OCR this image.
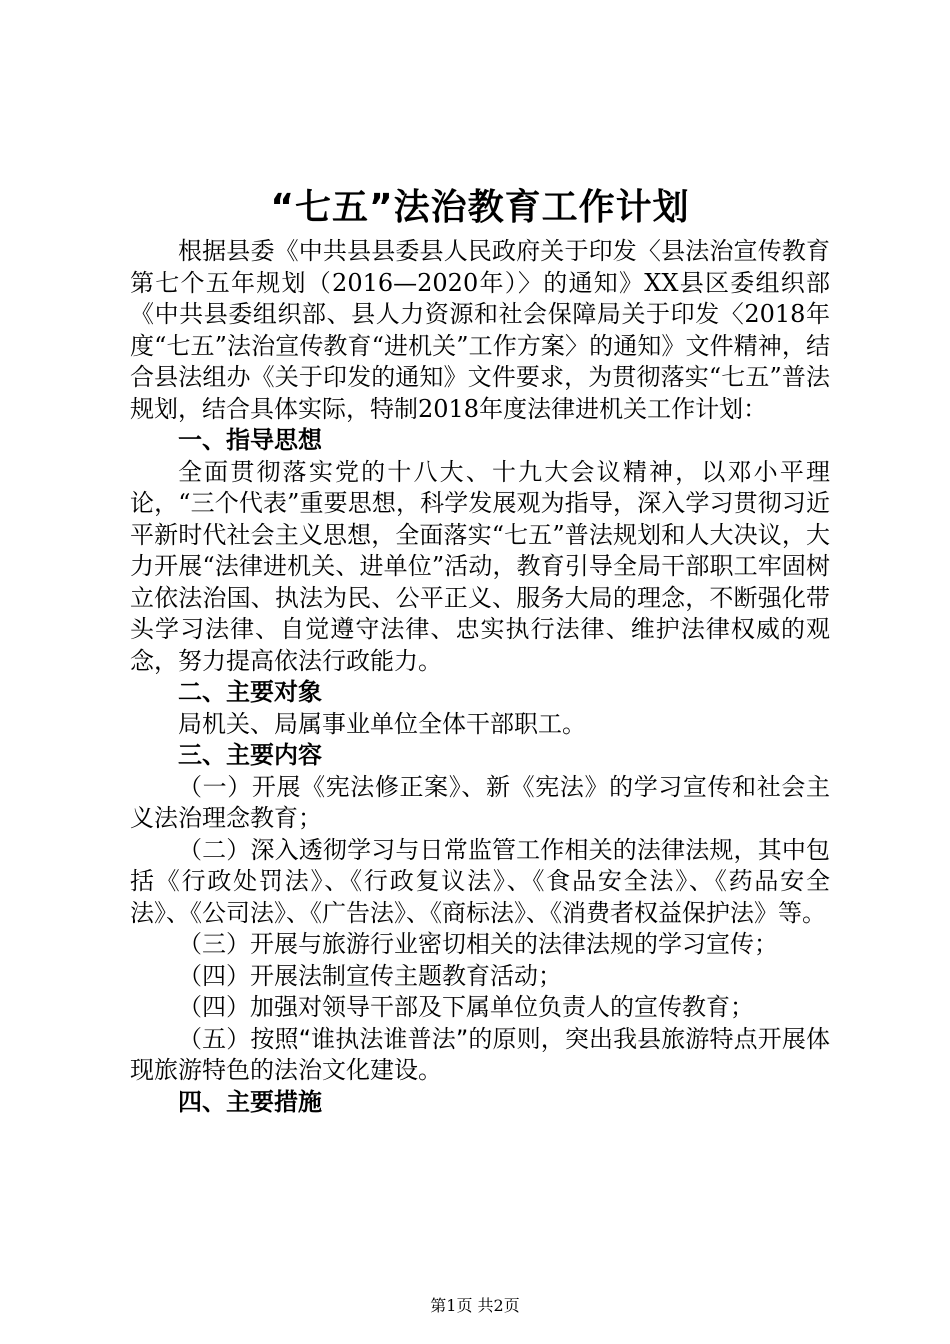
“七五”法治教育工作计划

根据县委《中共县县委县人民政府关于印发〈县法治宣传教育第七个五年规划（2016—2020年）〉的通知》XX县区委组织部《中共县委组织部、县人力资源和社会保障局关于印发〈2018年度“七五”法治宣传教育“进机关”工作方案〉的通知》文件精神，结合县法组办《关于印发的通知》文件要求，为贯彻落实“七五”普法规划，结合具体实际，特制2018年度法律进机关工作计划：

一、指导思想

全面贯彻落实党的十八大、十九大会议精神，以邓小平理论，“三个代表”重要思想，科学发展观为指导，深入学习贯彻习近平新时代社会主义思想，全面落实“七五”普法规划和人大决议，大力开展“法律进机关、进单位”活动，教育引导全局干部职工牢固树立依法治国、执法为民、公平正义、服务大局的理念，不断强化带头学习法律、自觉遵守法律、忠实执行法律、维护法律权威的观念，努力提高依法行政能力。

二、主要对象

局机关、局属事业单位全体干部职工。

三、主要内容

（一）开展《宪法修正案》、新《宪法》的学习宣传和社会主义法治理念教育；

（二）深入透彻学习与日常监管工作相关的法律法规，其中包括《行政处罚法》、《行政复议法》、《食品安全法》、《药品安全法》、《公司法》、《广告法》、《商标法》、《消费者权益保护法》等。

（三）开展与旅游行业密切相关的法律法规的学习宣传；

（四）开展法制宣传主题教育活动；

（四）加强对领导干部及下属单位负责人的宣传教育；

（五）按照“谁执法谁普法”的原则，突出我县旅游特点开展体现旅游特色的法治文化建设。

四、主要措施

第1页 共2页
